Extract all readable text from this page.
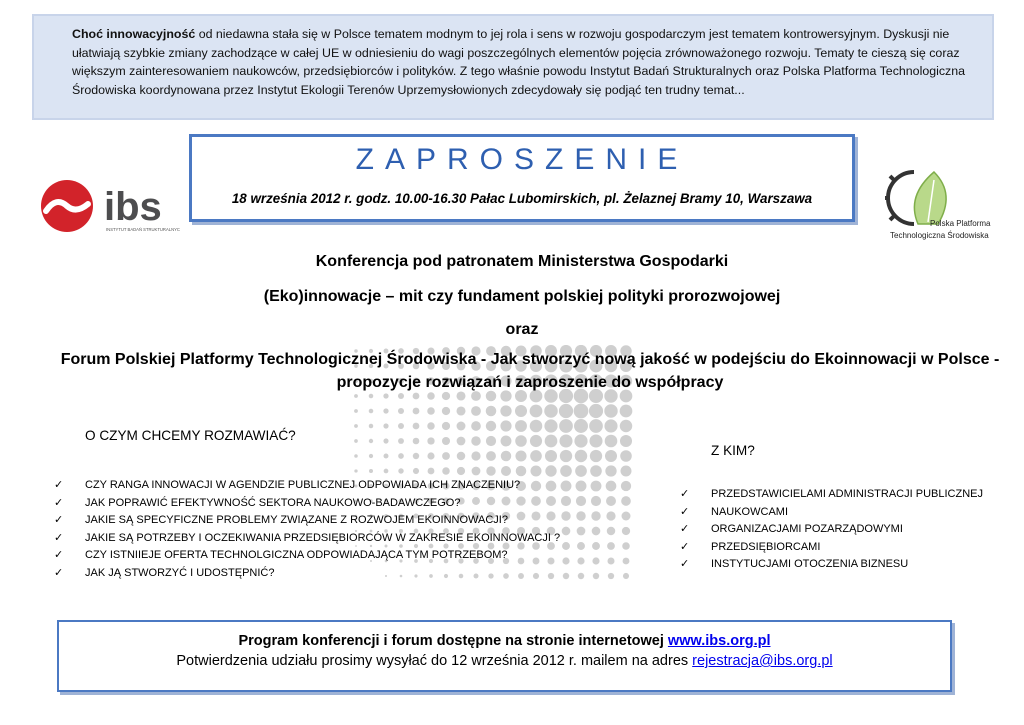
Choć innowacyjność od niedawna stała się w Polsce tematem modnym to jej rola i sens w rozwoju gospodarczym jest tematem kontrowersyjnym. Dyskusji nie ułatwiają szybkie zmiany zachodzące w całej UE w odniesieniu do wagi poszczególnych elementów pojęcia zrównoważonego rozwoju. Tematy te cieszą się coraz większym zainteresowaniem naukowców, przedsiębiorców i polityków. Z tego właśnie powodu Instytut Badań Strukturalnych oraz Polska Platforma Technologiczna Środowiska koordynowana przez Instytut Ekologii Terenów Uprzemysłowionych zdecydowały się podjąć ten trudny temat...
ibs
INSTYTUT BADAŃ STRUKTURALNYCH
ZAPROSZENIE
18 września 2012 r. godz. 10.00-16.30 Pałac Lubomirskich, pl. Żelaznej Bramy 10, Warszawa
Polska Platforma
Technologiczna Środowiska
Konferencja pod patronatem Ministerstwa Gospodarki
(Eko)innowacje – mit czy fundament polskiej polityki prorozwojowej
oraz
Forum Polskiej Platformy Technologicznej Środowiska - Jak stworzyć nową jakość w podejściu do Ekoinnowacji w Polsce - propozycje rozwiązań i zaproszenie do współpracy
O CZYM CHCEMY ROZMAWIAĆ?
✓ CZY RANGA INNOWACJI W AGENDZIE PUBLICZNEJ ODPOWIADA ICH ZNACZENIU?
✓ JAK POPRAWIĆ EFEKTYWNOŚĆ SEKTORA NAUKOWO-BADAWCZEGO?
✓ JAKIE SĄ SPECYFICZNE PROBLEMY ZWIĄZANE Z ROZWOJEM EKOINNOWACJI?
✓ JAKIE SĄ POTRZEBY I OCZEKIWANIA PRZEDSIĘBIORCÓW W ZAKRESIE EKOINNOWACJI ?
✓ CZY ISTNIIEJE OFERTA TECHNOLGICZNA ODPOWIADAJĄCA TYM POTRZEBOM?
✓ JAK JĄ STWORZYĆ I UDOSTĘPNIĆ?
Z KIM?
✓ PRZEDSTAWICIELAMI ADMINISTRACJI PUBLICZNEJ
✓ NAUKOWCAMI
✓ ORGANIZACJAMI POZARZĄDOWYMI
✓ PRZEDSIĘBIORCAMI
✓ INSTYTUCJAMI OTOCZENIA BIZNESU
Program konferencji i forum dostępne na stronie internetowej www.ibs.org.pl
Potwierdzenia udziału prosimy wysyłać do 12 września 2012 r. mailem na adres rejestracja@ibs.org.pl
